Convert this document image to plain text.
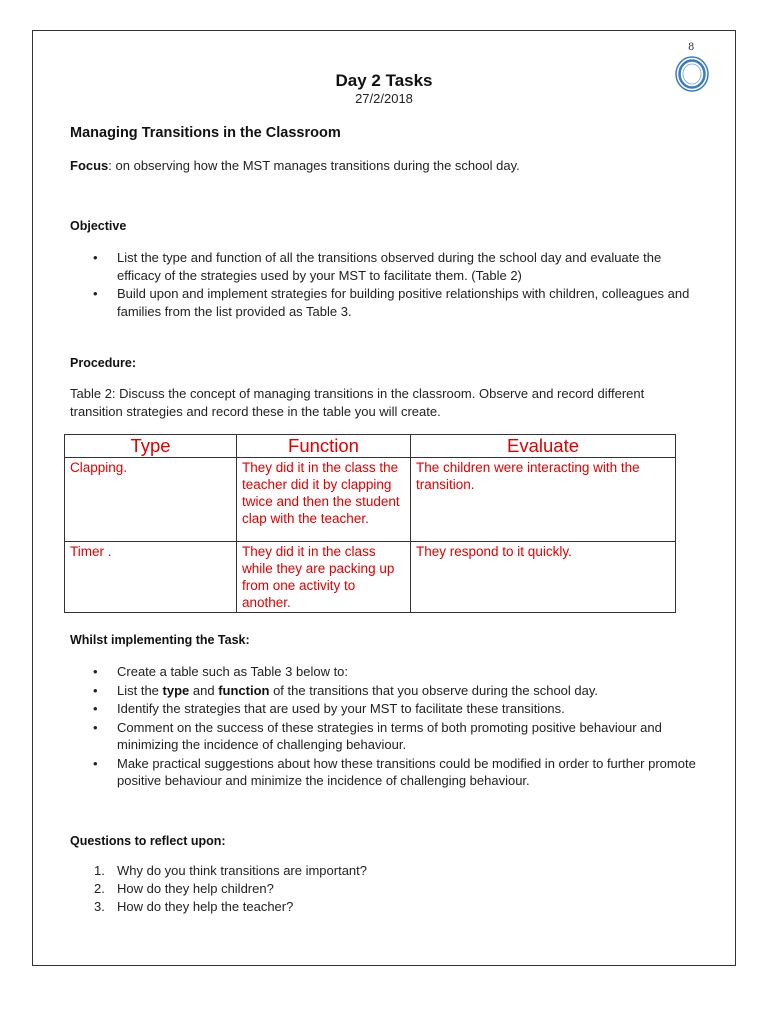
8
Day 2 Tasks
27/2/2018
Managing Transitions in the Classroom
Focus: on observing how the MST manages transitions during the school day.
Objective
• List the type and function of all the transitions observed during the school day and evaluate the efficacy of the strategies used by your MST to facilitate them. (Table 2)
• Build upon and implement strategies for building positive relationships with children, colleagues and families from the list provided as Table 3.
Procedure:
Table 2: Discuss the concept of managing transitions in the classroom. Observe and record different transition strategies and record these in the table you will create.
Type	Function	Evaluate
Clapping.	They did it in the class the teacher did it by clapping twice and then the student clap with the teacher.	The children were interacting with the transition.
Timer .	They did it in the class while they are packing up from one activity to another.	They respond to it quickly.
Whilst implementing the Task:
• Create a table such as Table 3 below to:
• List the type and function of the transitions that you observe during the school day.
• Identify the strategies that are used by your MST to facilitate these transitions.
• Comment on the success of these strategies in terms of both promoting positive behaviour and minimizing the incidence of challenging behaviour.
• Make practical suggestions about how these transitions could be modified in order to further promote positive behaviour and minimize the incidence of challenging behaviour.
Questions to reflect upon:
1. Why do you think transitions are important?
2. How do they help children?
3. How do they help the teacher?
